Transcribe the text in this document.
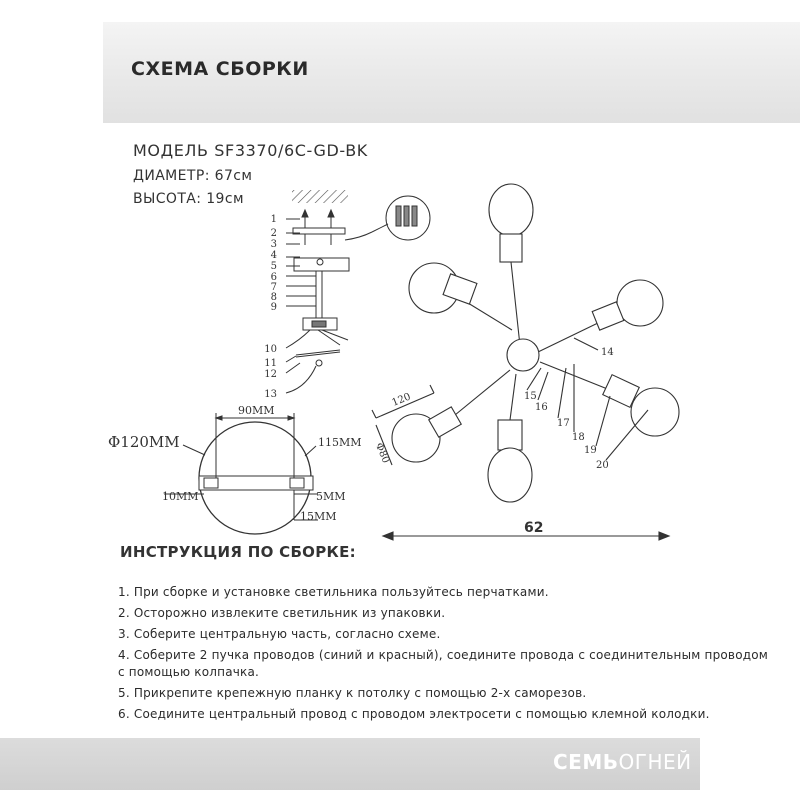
СХЕМА СБОРКИ
МОДЕЛЬ SF3370/6C-GD-BK
ДИАМЕТР: 67см
ВЫСОТА: 19см
1
2
3
4
5
6
7
8
9
10
11
12
13
90MM
Φ120MM	115MM
10MM	5MM
15MM
14
15
16
17
18
19
20
120
Φ80
62
ИНСТРУКЦИЯ ПО СБОРКЕ:
1. При сборке и установке светильника пользуйтесь перчатками.
2. Осторожно извлеките светильник из упаковки.
3. Соберите центральную часть, согласно схеме.
4. Соберите 2 пучка проводов (синий и красный), соедините провода с соединительным проводом с помощью колпачка.
5. Прикрепите крепежную планку к потолку с помощью 2-х саморезов.
6. Соедините центральный провод с проводом электросети с помощью клемной колодки.
СЕМЬОГНЕЙ
